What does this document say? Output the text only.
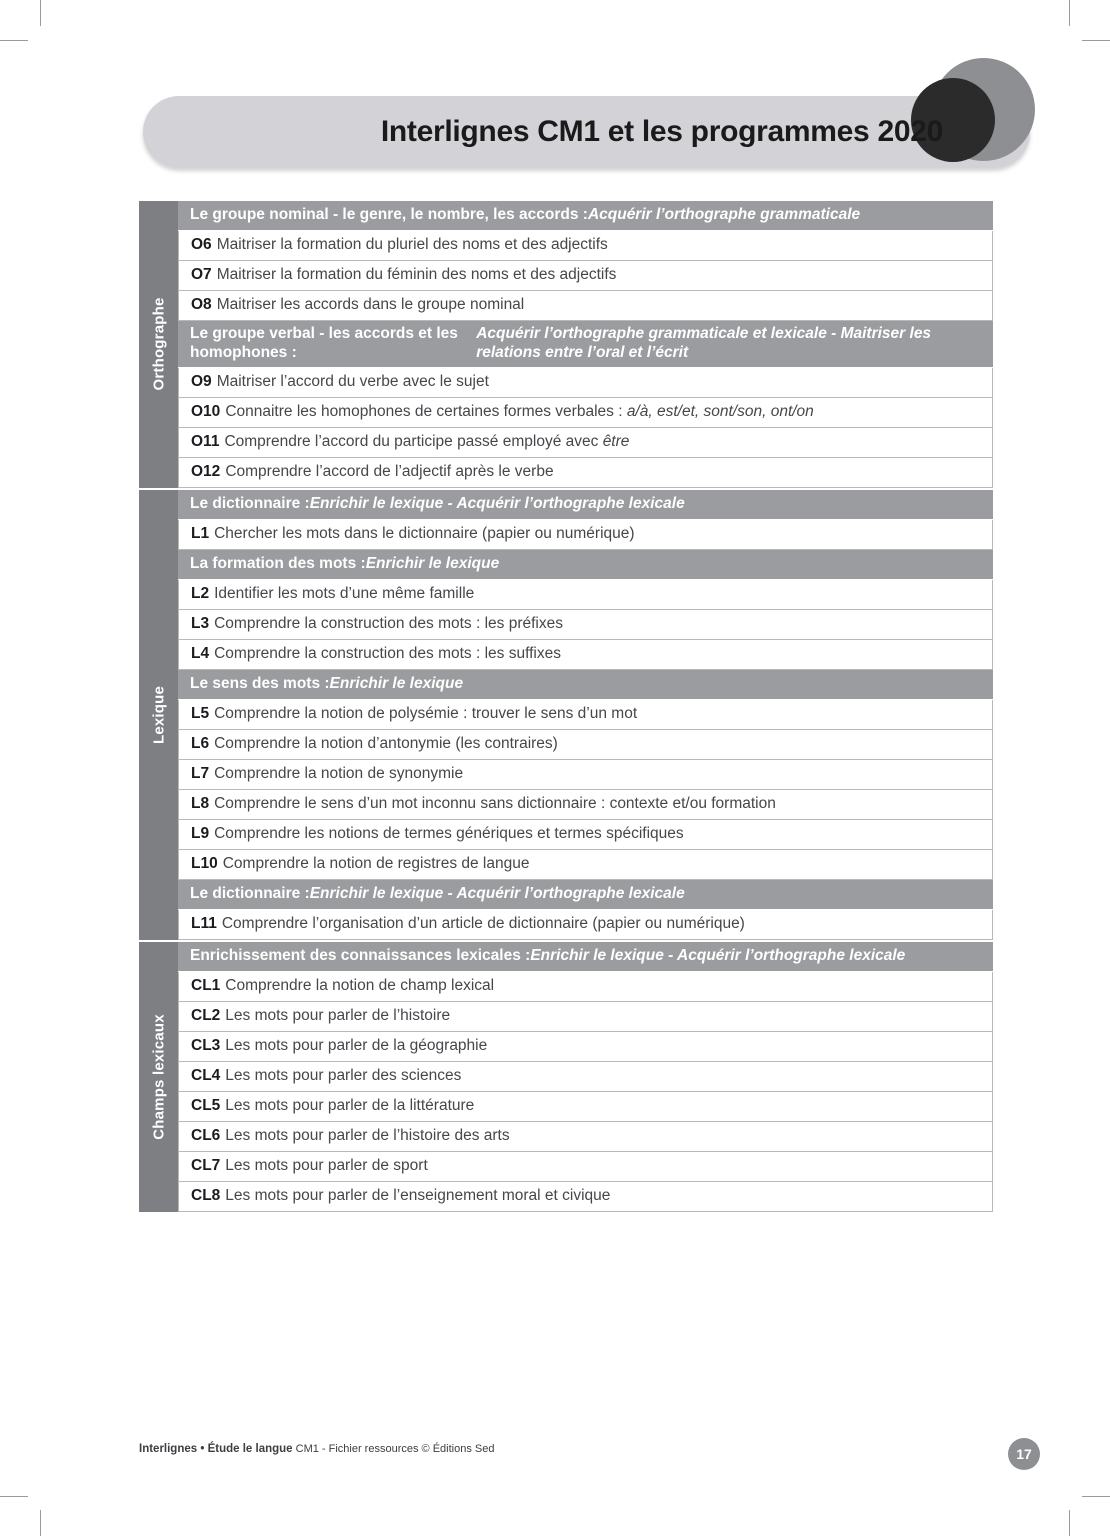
Interlignes CM1 et les programmes 2020
Orthographe
Le groupe nominal - le genre, le nombre, les accords : Acquérir l’orthographe grammaticale
O6 Maitriser la formation du pluriel des noms et des adjectifs
O7 Maitriser la formation du féminin des noms et des adjectifs
O8 Maitriser les accords dans le groupe nominal
Le groupe verbal - les accords et les homophones :
Acquérir l’orthographe grammaticale et lexicale - Maitriser les relations entre l’oral et l’écrit
O9 Maitriser l’accord du verbe avec le sujet
O10 Connaitre les homophones de certaines formes verbales : a/à, est/et, sont/son, ont/on
O11 Comprendre l’accord du participe passé employé avec être
O12 Comprendre l’accord de l’adjectif après le verbe
Lexique
Le dictionnaire : Enrichir le lexique - Acquérir l’orthographe lexicale
L1 Chercher les mots dans le dictionnaire (papier ou numérique)
La formation des mots : Enrichir le lexique
L2 Identifier les mots d’une même famille
L3 Comprendre la construction des mots : les préfixes
L4 Comprendre la construction des mots : les suffixes
Le sens des mots : Enrichir le lexique
L5 Comprendre la notion de polysémie : trouver le sens d’un mot
L6 Comprendre la notion d’antonymie (les contraires)
L7 Comprendre la notion de synonymie
L8 Comprendre le sens d’un mot inconnu sans dictionnaire : contexte et/ou formation
L9 Comprendre les notions de termes génériques et termes spécifiques
L10 Comprendre la notion de registres de langue
Le dictionnaire : Enrichir le lexique - Acquérir l’orthographe lexicale
L11 Comprendre l’organisation d’un article de dictionnaire (papier ou numérique)
Champs lexicaux
Enrichissement des connaissances lexicales : Enrichir le lexique - Acquérir l’orthographe lexicale
CL1 Comprendre la notion de champ lexical
CL2 Les mots pour parler de l’histoire
CL3 Les mots pour parler de la géographie
CL4 Les mots pour parler des sciences
CL5 Les mots pour parler de la littérature
CL6 Les mots pour parler de l’histoire des arts
CL7 Les mots pour parler de sport
CL8 Les mots pour parler de l’enseignement moral et civique
Interlignes • Étude le langue CM1 - Fichier ressources © Éditions Sed	17
